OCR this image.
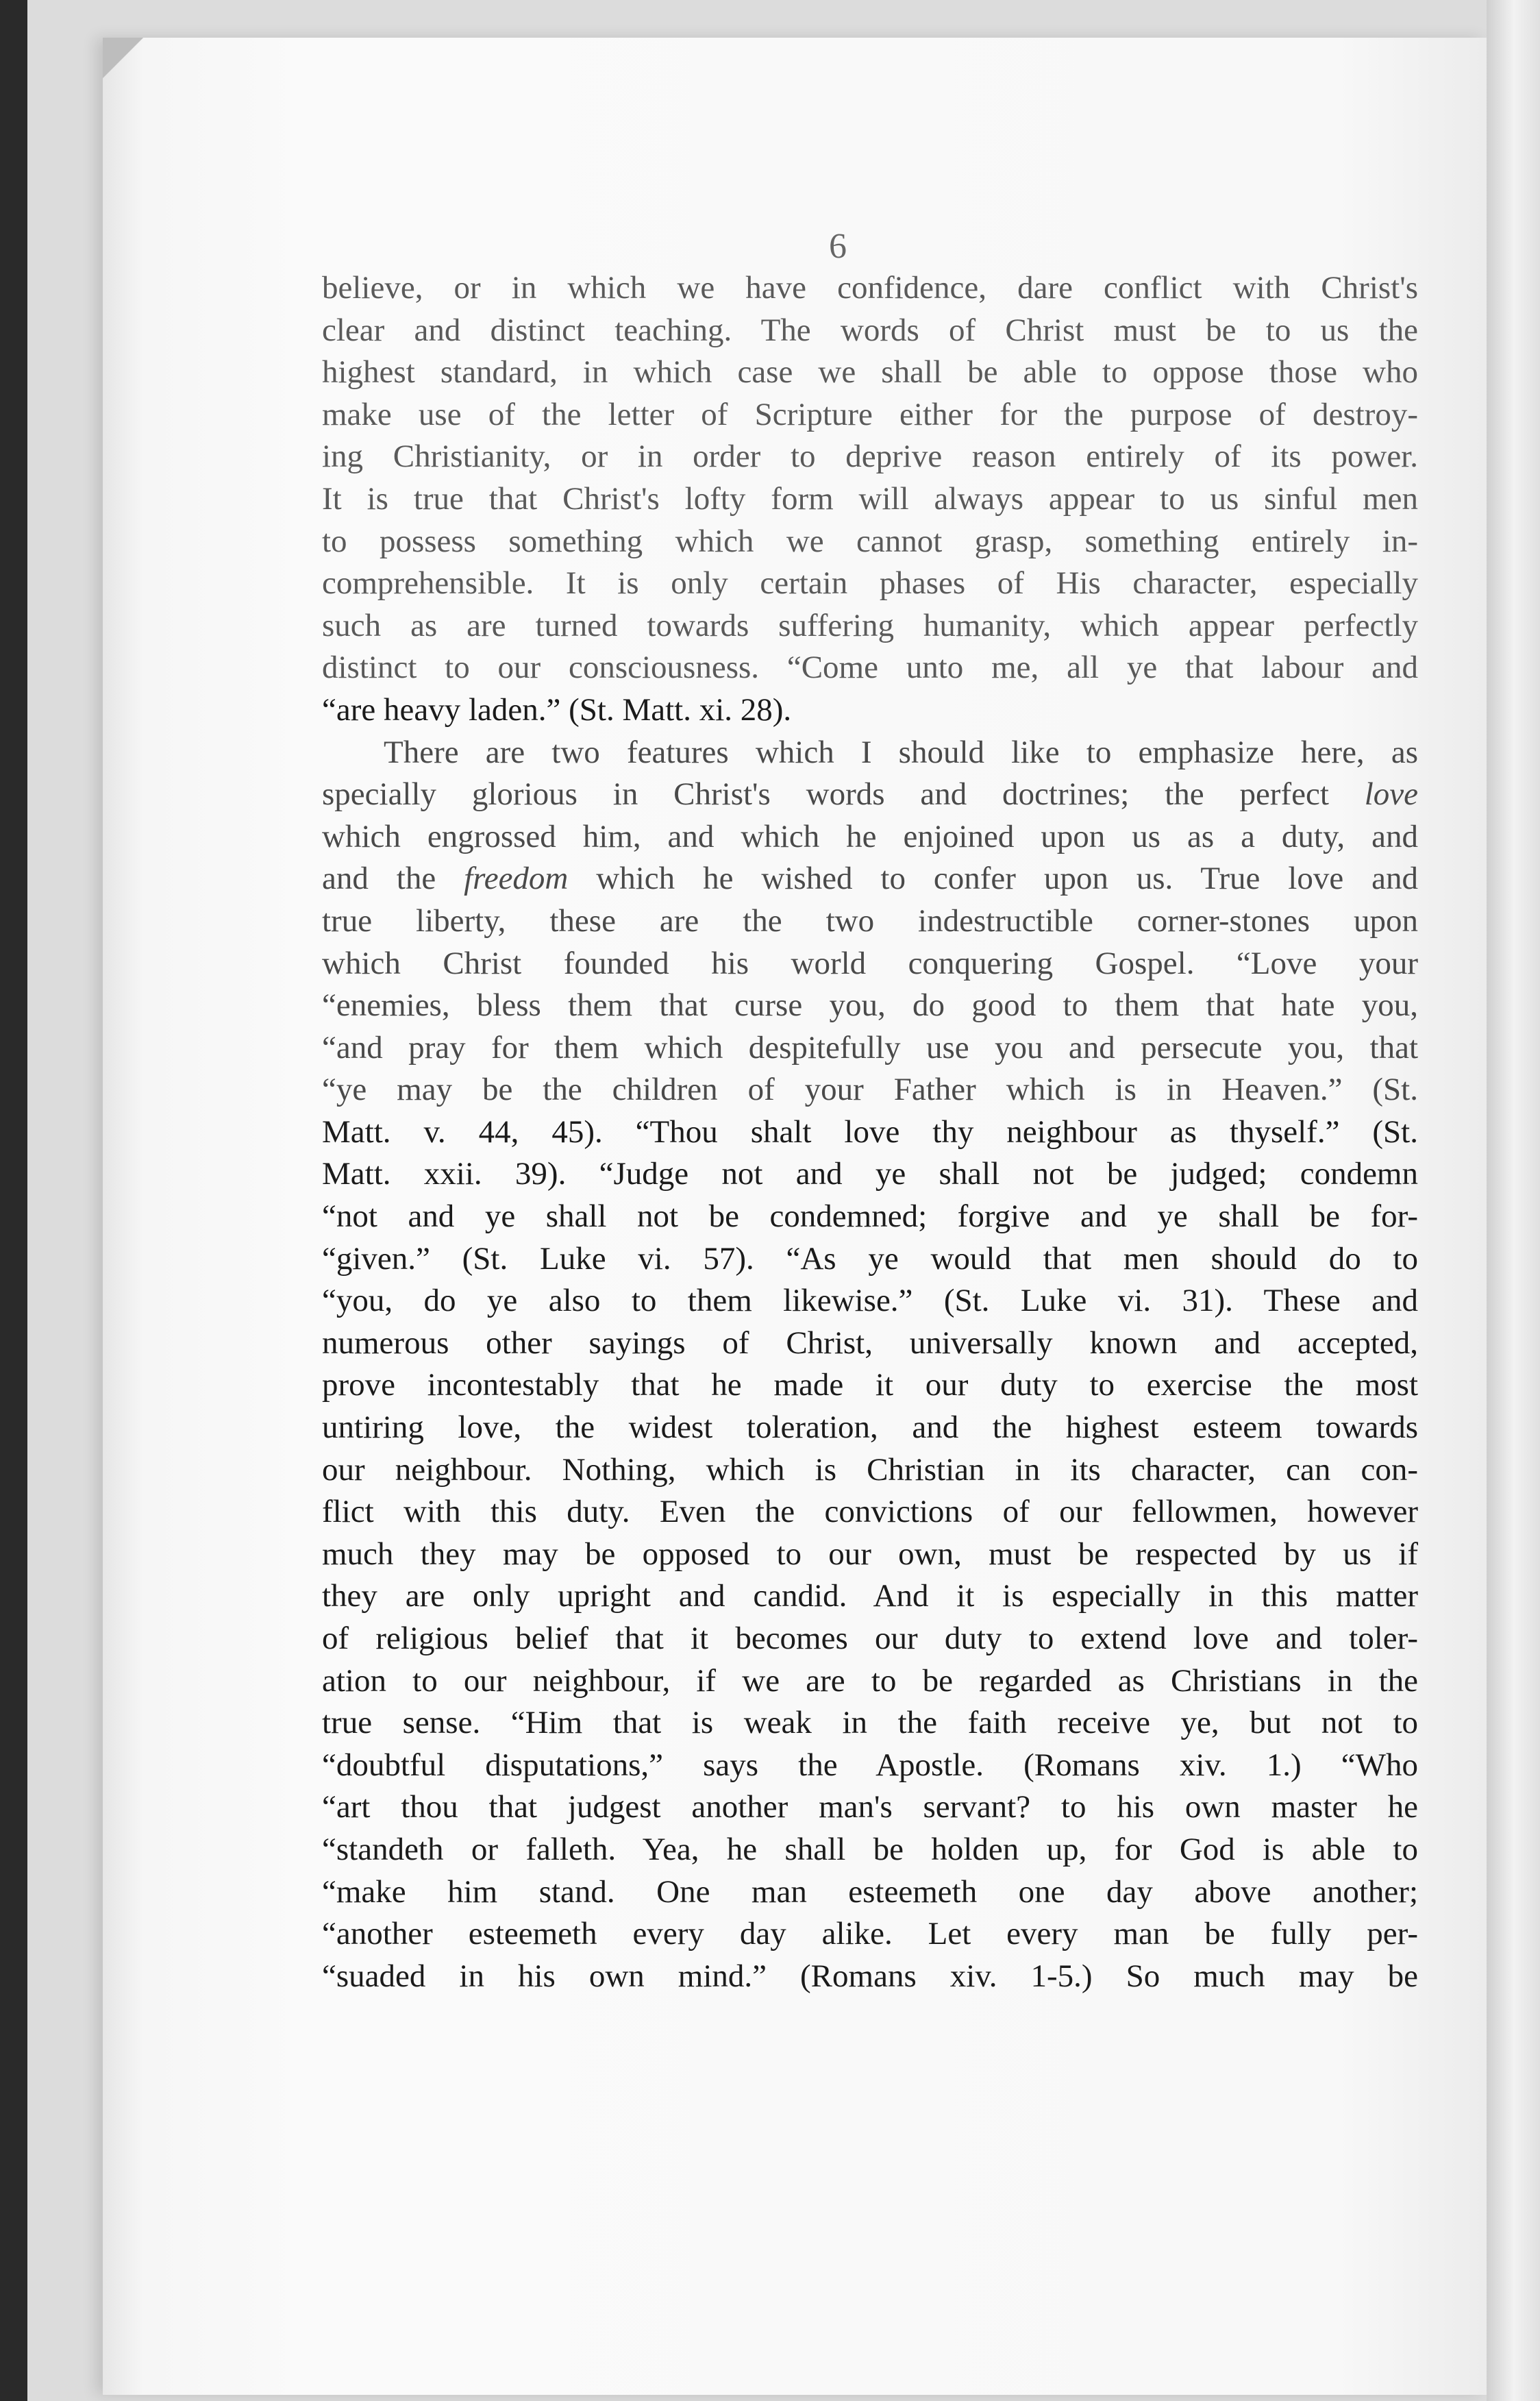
6
believe, or in which we have confidence, dare conflict with Christ's
clear and distinct teaching. The words of Christ must be to us the
highest standard, in which case we shall be able to oppose those who
make use of the letter of Scripture either for the purpose of destroy-
ing Christianity, or in order to deprive reason entirely of its power.
It is true that Christ's lofty form will always appear to us sinful men
to possess something which we cannot grasp, something entirely in-
comprehensible. It is only certain phases of His character, especially
such as are turned towards suffering humanity, which appear perfectly
distinct to our consciousness. “Come unto me, all ye that labour and
“are heavy laden.” (St. Matt. xi. 28).
There are two features which I should like to emphasize here, as
specially glorious in Christ's words and doctrines; the perfect love
which engrossed him, and which he enjoined upon us as a duty, and
and the freedom which he wished to confer upon us. True love and
true liberty, these are the two indestructible corner-stones upon
which Christ founded his world conquering Gospel. “Love your
“enemies, bless them that curse you, do good to them that hate you,
“and pray for them which despitefully use you and persecute you, that
“ye may be the children of your Father which is in Heaven.” (St.
Matt. v. 44, 45). “Thou shalt love thy neighbour as thyself.” (St.
Matt. xxii. 39). “Judge not and ye shall not be judged; condemn
“not and ye shall not be condemned; forgive and ye shall be for-
“given.” (St. Luke vi. 57). “As ye would that men should do to
“you, do ye also to them likewise.” (St. Luke vi. 31). These and
numerous other sayings of Christ, universally known and accepted,
prove incontestably that he made it our duty to exercise the most
untiring love, the widest toleration, and the highest esteem towards
our neighbour. Nothing, which is Christian in its character, can con-
flict with this duty. Even the convictions of our fellowmen, however
much they may be opposed to our own, must be respected by us if
they are only upright and candid. And it is especially in this matter
of religious belief that it becomes our duty to extend love and toler-
ation to our neighbour, if we are to be regarded as Christians in the
true sense. “Him that is weak in the faith receive ye, but not to
“doubtful disputations,” says the Apostle. (Romans xiv. 1.) “Who
“art thou that judgest another man's servant? to his own master he
“standeth or falleth. Yea, he shall be holden up, for God is able to
“make him stand. One man esteemeth one day above another;
“another esteemeth every day alike. Let every man be fully per-
“suaded in his own mind.” (Romans xiv. 1-5.) So much may be
